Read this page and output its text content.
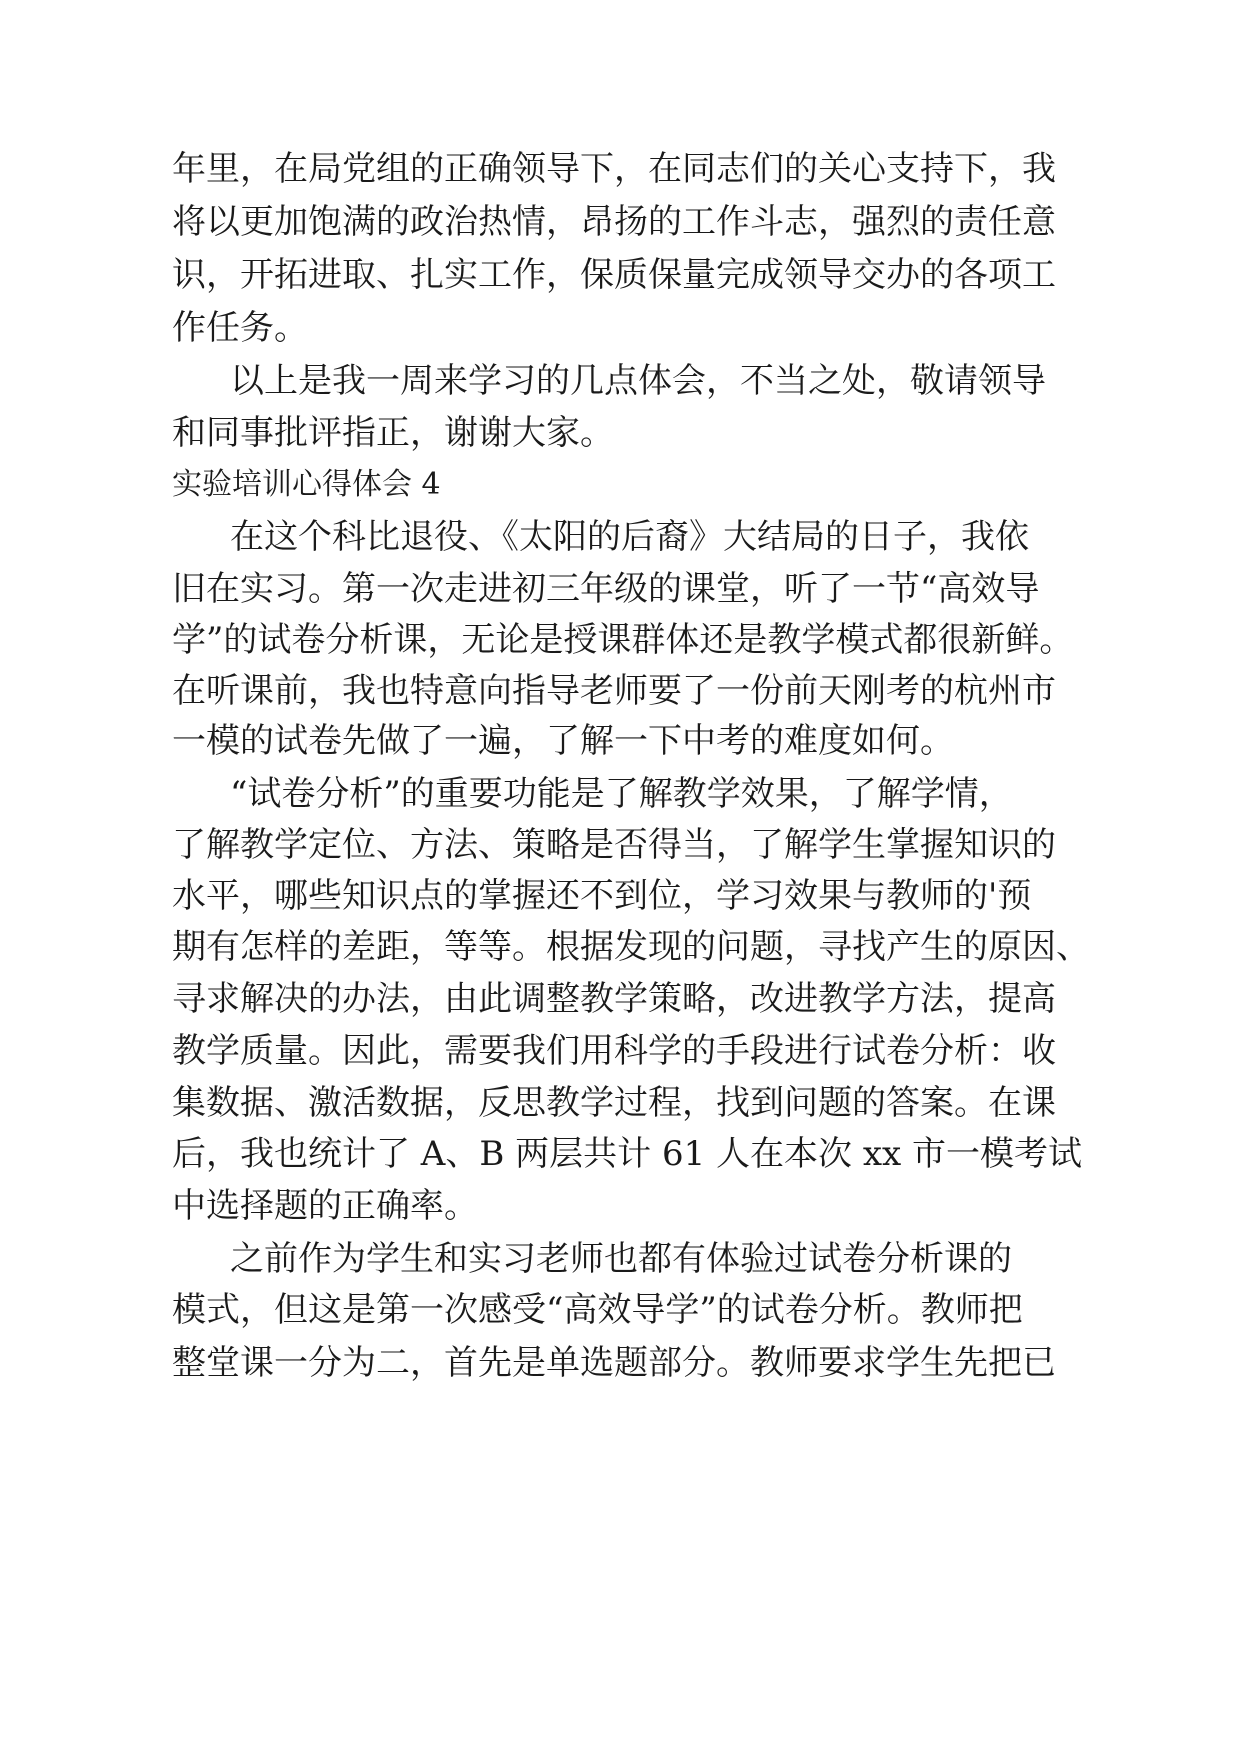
年里，在局党组的正确领导下，在同志们的关心支持下，我
将以更加饱满的政治热情，昂扬的工作斗志，强烈的责任意
识，开拓进取、扎实工作，保质保量完成领导交办的各项工
作任务。
以上是我一周来学习的几点体会，不当之处，敬请领导
和同事批评指正，谢谢大家。
实验培训心得体会 4
在这个科比退役、《太阳的后裔》大结局的日子，我依
旧在实习。第一次走进初三年级的课堂，听了一节“高效导
学”的试卷分析课，无论是授课群体还是教学模式都很新鲜。
在听课前，我也特意向指导老师要了一份前天刚考的杭州市
一模的试卷先做了一遍，了解一下中考的难度如何。
“试卷分析”的重要功能是了解教学效果，了解学情，
了解教学定位、方法、策略是否得当，了解学生掌握知识的
水平，哪些知识点的掌握还不到位，学习效果与教师的'预
期有怎样的差距，等等。根据发现的问题，寻找产生的原因、
寻求解决的办法，由此调整教学策略，改进教学方法，提高
教学质量。因此，需要我们用科学的手段进行试卷分析：收
集数据、激活数据，反思教学过程，找到问题的答案。在课
后，我也统计了 A、B 两层共计 61 人在本次 xx 市一模考试
中选择题的正确率。
之前作为学生和实习老师也都有体验过试卷分析课的
模式，但这是第一次感受“高效导学”的试卷分析。教师把
整堂课一分为二，首先是单选题部分。教师要求学生先把已
